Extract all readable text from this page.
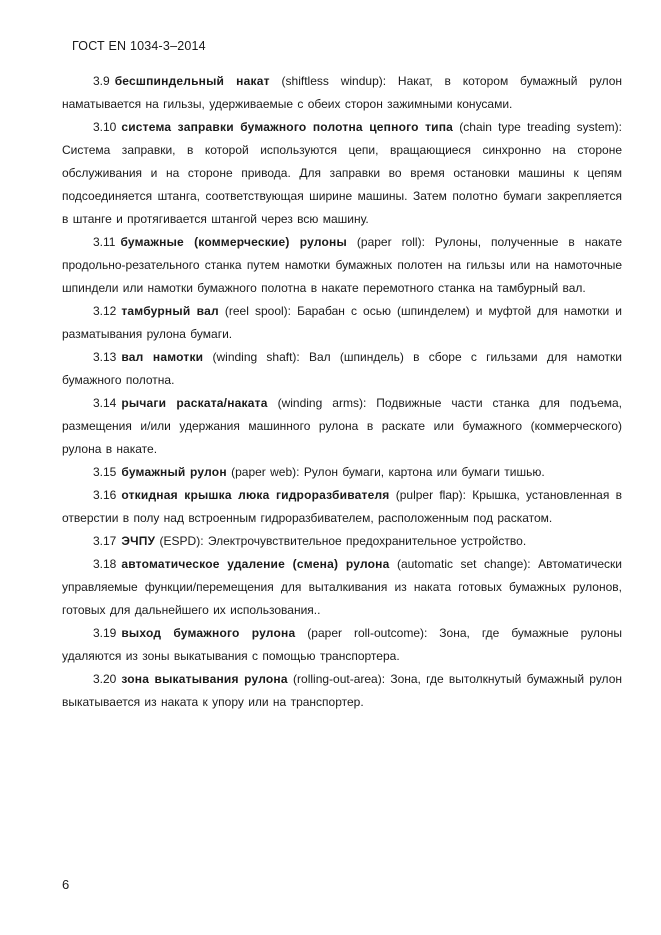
ГОСТ EN 1034-3–2014

3.9 бесшпиндельный накат (shiftless windup): Накат, в котором бумажный рулон наматывается на гильзы, удерживаемые с обеих сторон зажимными конусами.

3.10 система заправки бумажного полотна цепного типа (chain type treading system): Система заправки, в которой используются цепи, вращающиеся синхронно на стороне обслуживания и на стороне привода. Для заправки во время остановки машины к цепям подсоединяется штанга, соответствующая ширине машины. Затем полотно бумаги закрепляется в штанге и протягивается штангой через всю машину.

3.11 бумажные (коммерческие) рулоны (paper roll): Рулоны, полученные в накате продольно-резательного станка путем намотки бумажных полотен на гильзы или на намоточные шпиндели или намотки бумажного полотна в накате перемотного станка на тамбурный вал.

3.12 тамбурный вал (reel spool): Барабан с осью (шпинделем) и муфтой для намотки и разматывания рулона бумаги.

3.13 вал намотки (winding shaft): Вал (шпиндель) в сборе с гильзами для намотки бумажного полотна.

3.14 рычаги раската/наката (winding arms): Подвижные части станка для подъема, размещения и/или удержания машинного рулона в раскате или бумажного (коммерческого) рулона в накате.

3.15 бумажный рулон (paper web): Рулон бумаги, картона или бумаги тишью.

3.16 откидная крышка люка гидроразбивателя (pulper flap): Крышка, установленная в отверстии в полу над встроенным гидроразбивателем, расположенным под раскатом.

3.17 ЭЧПУ (ESPD): Электрочувствительное предохранительное устройство.

3.18 автоматическое удаление (смена) рулона (automatic set change): Автоматически управляемые функции/перемещения для выталкивания из наката готовых бумажных рулонов, готовых для дальнейшего их использования..

3.19 выход бумажного рулона (paper roll-outcome): Зона, где бумажные рулоны удаляются из зоны выкатывания с помощью транспортера.

3.20 зона выкатывания рулона (rolling-out-area): Зона, где вытолкнутый бумажный рулон выкатывается из наката к упору или на транспортер.

6
